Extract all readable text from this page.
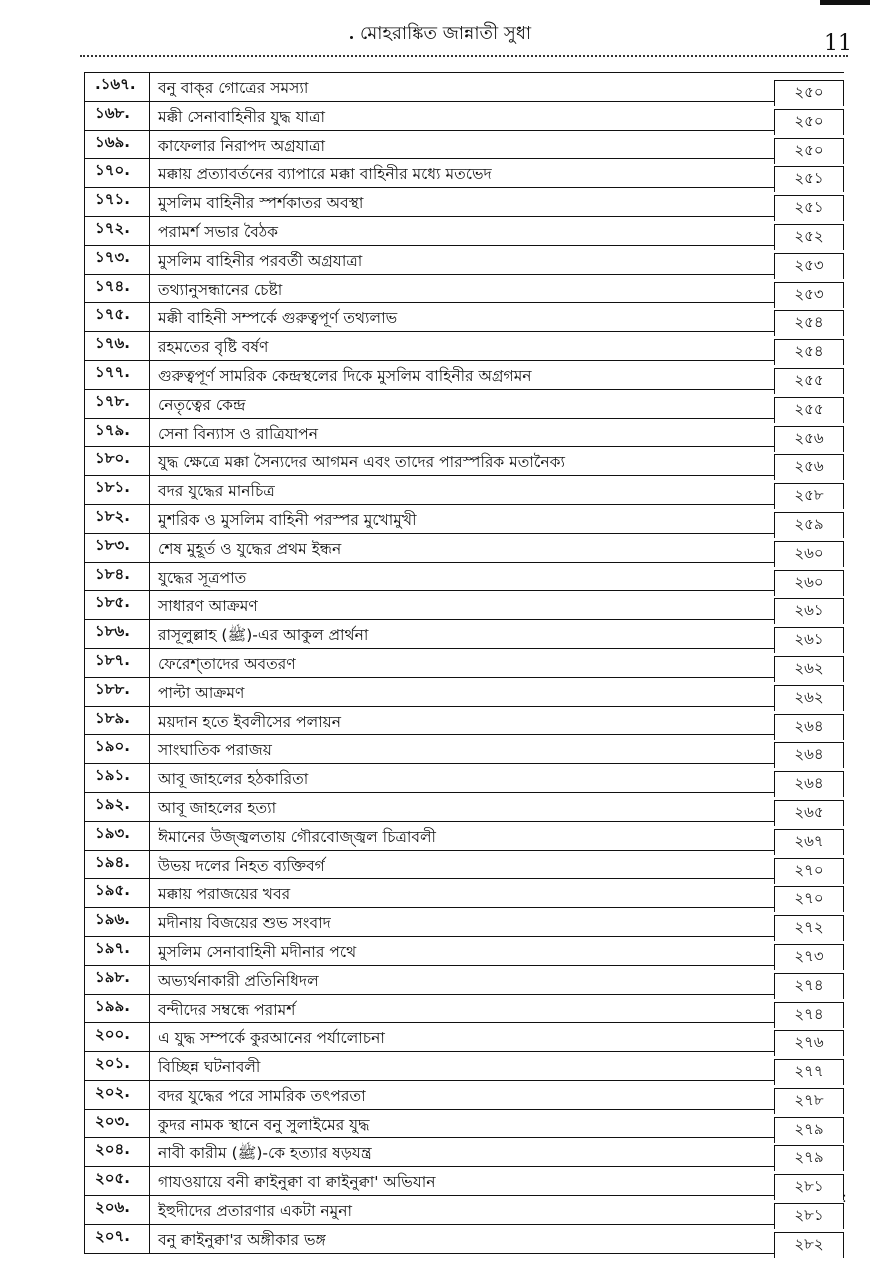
মোহরাঙ্কিত জান্নাতী সুধা	11
.১৬৭.	বনু বাক্‌র গোত্রের সমস্যা	২৫০
১৬৮.	মক্কী সেনাবাহিনীর যুদ্ধ যাত্রা	২৫০
১৬৯.	কাফেলার নিরাপদ অগ্রযাত্রা	২৫০
১৭০.	মক্কায় প্রত্যাবর্তনের ব্যাপারে মক্কা বাহিনীর মধ্যে মতভেদ	২৫১
১৭১.	মুসলিম বাহিনীর স্পর্শকাতর অবস্থা	২৫১
১৭২.	পরামর্শ সভার বৈঠক	২৫২
১৭৩.	মুসলিম বাহিনীর পরবর্তী অগ্রযাত্রা	২৫৩
১৭৪.	তথ্যানুসন্ধানের চেষ্টা	২৫৩
১৭৫.	মক্কী বাহিনী সম্পর্কে গুরুত্বপূর্ণ তথ্যলাভ	২৫৪
১৭৬.	রহমতের বৃষ্টি বর্ষণ	২৫৪
১৭৭.	গুরুত্বপূর্ণ সামরিক কেন্দ্রস্থলের দিকে মুসলিম বাহিনীর অগ্রগমন	২৫৫
১৭৮.	নেতৃত্বের কেন্দ্র	২৫৫
১৭৯.	সেনা বিন্যাস ও রাত্রিযাপন	২৫৬
১৮০.	যুদ্ধ ক্ষেত্রে মক্কা সৈন্যদের আগমন এবং তাদের পারস্পরিক মতানৈক্য	২৫৬
১৮১.	বদর যুদ্ধের মানচিত্র	২৫৮
১৮২.	মুশরিক ও মুসলিম বাহিনী পরস্পর মুখোমুখী	২৫৯
১৮৩.	শেষ মুহূর্ত ও যুদ্ধের প্রথম ইন্ধন	২৬০
১৮৪.	যুদ্ধের সূত্রপাত	২৬০
১৮৫.	সাধারণ আক্রমণ	২৬১
১৮৬.	রাসূলুল্লাহ (ﷺ)-এর আকুল প্রার্থনা	২৬১
১৮৭.	ফেরেশ্‌তাদের অবতরণ	২৬২
১৮৮.	পাল্টা আক্রমণ	২৬২
১৮৯.	ময়দান হতে ইবলীসের পলায়ন	২৬৪
১৯০.	সাংঘাতিক পরাজয়	২৬৪
১৯১.	আবূ জাহলের হঠকারিতা	২৬৪
১৯২.	আবূ জাহলের হত্যা	২৬৫
১৯৩.	ঈমানের উজ্জ্বলতায় গৌরবোজ্জ্বল চিত্রাবলী	২৬৭
১৯৪.	উভয় দলের নিহত ব্যক্তিবর্গ	২৭০
১৯৫.	মক্কায় পরাজয়ের খবর	২৭০
১৯৬.	মদীনায় বিজয়ের শুভ সংবাদ	২৭২
১৯৭.	মুসলিম সেনাবাহিনী মদীনার পথে	২৭৩
১৯৮.	অভ্যর্থনাকারী প্রতিনিধিদল	২৭৪
১৯৯.	বন্দীদের সম্বন্ধে পরামর্শ	২৭৪
২০০.	এ যুদ্ধ সম্পর্কে কুরআনের পর্যালোচনা	২৭৬
২০১.	বিচ্ছিন্ন ঘটনাবলী	২৭৭
২০২.	বদর যুদ্ধের পরে সামরিক তৎপরতা	২৭৮
২০৩.	কুদর নামক স্থানে বনু সুলাইমের যুদ্ধ	২৭৯
২০৪.	নাবী কারীম (ﷺ)-কে হত্যার ষড়যন্ত্র	২৭৯
২০৫.	গাযওয়ায়ে বনী ক্বাইনুক্বা বা ক্বাইনুক্বা' অভিযান	২৮১
২০৬.	ইহুদীদের প্রতারণার একটা নমুনা	২৮১
২০৭.	বনু ক্বাইনুক্বা'র অঙ্গীকার ভঙ্গ	২৮২
:
